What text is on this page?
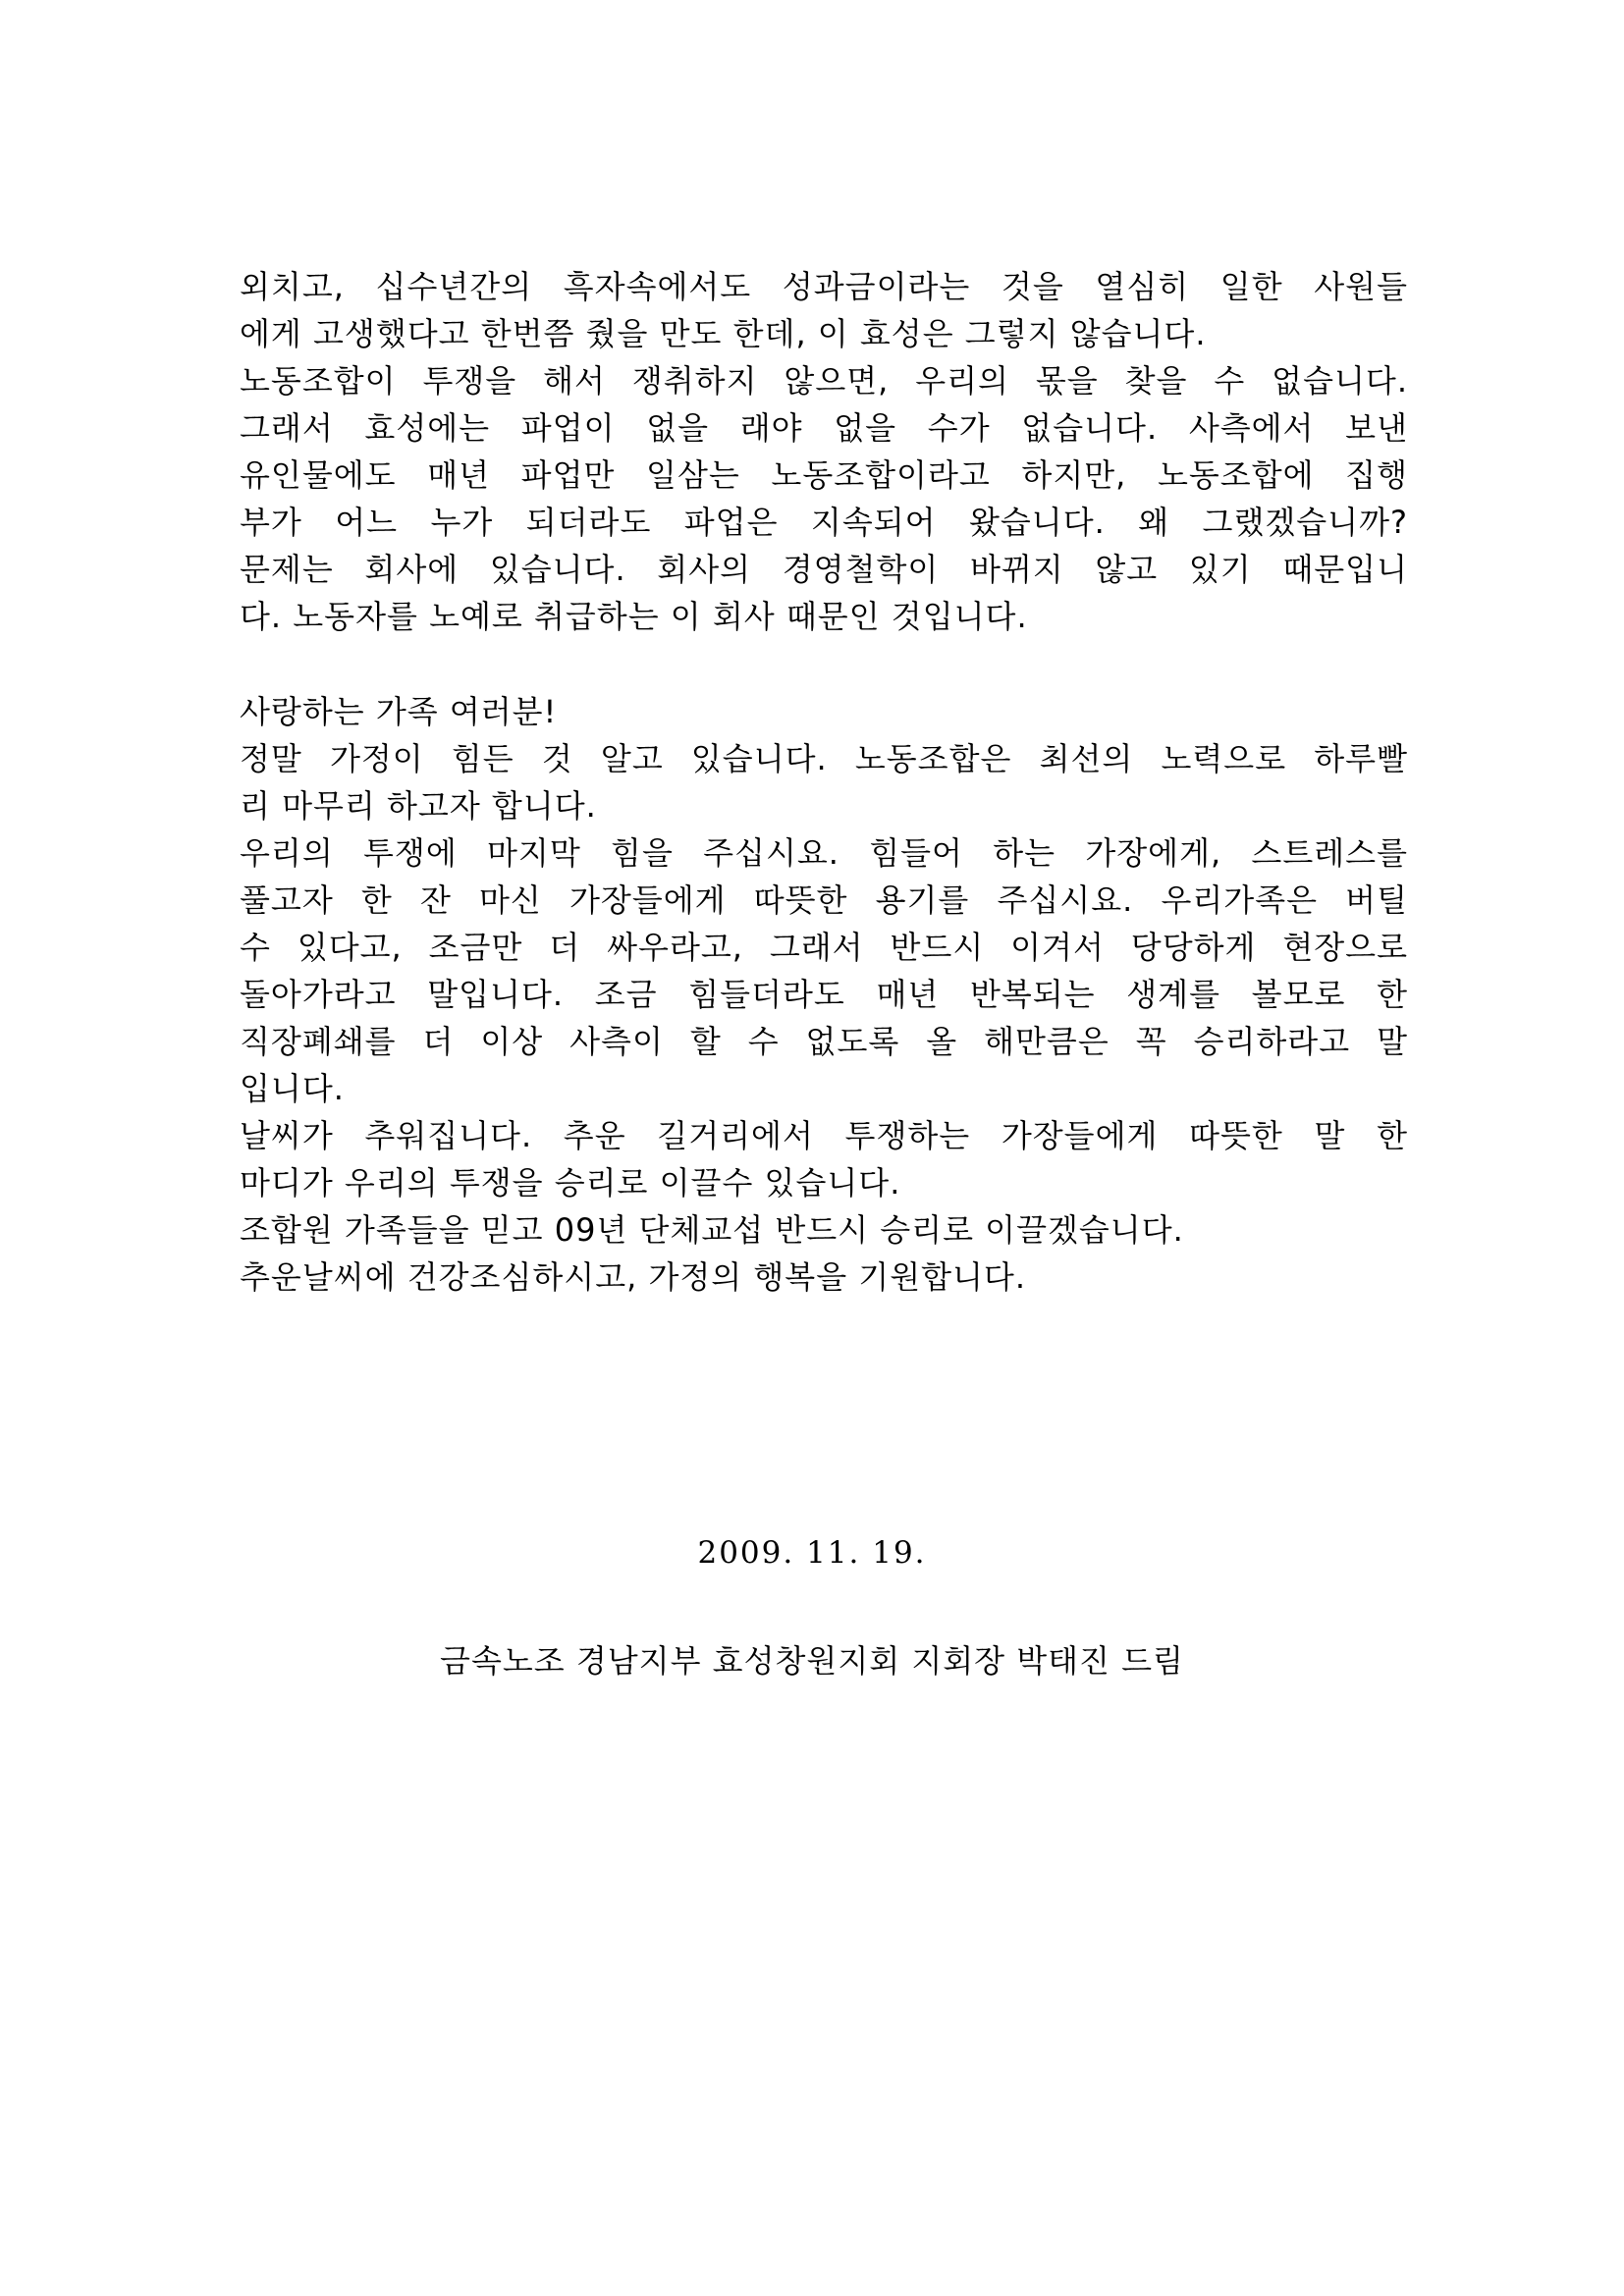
외치고, 십수년간의 흑자속에서도 성과금이라는 것을 열심히 일한 사원들
에게 고생했다고 한번쯤 줬을 만도 한데, 이 효성은 그렇지 않습니다.
노동조합이 투쟁을 해서 쟁취하지 않으면, 우리의 몫을 찾을 수 없습니다.
그래서 효성에는 파업이 없을 래야 없을 수가 없습니다. 사측에서 보낸
유인물에도 매년 파업만 일삼는 노동조합이라고 하지만, 노동조합에 집행
부가 어느 누가 되더라도 파업은 지속되어 왔습니다. 왜 그랬겠습니까?
문제는 회사에 있습니다. 회사의 경영철학이 바뀌지 않고 있기 때문입니
다. 노동자를 노예로 취급하는 이 회사 때문인 것입니다.
사랑하는 가족 여러분!
정말 가정이 힘든 것 알고 있습니다. 노동조합은 최선의 노력으로 하루빨
리 마무리 하고자 합니다.
우리의 투쟁에 마지막 힘을 주십시요. 힘들어 하는 가장에게, 스트레스를
풀고자 한 잔 마신 가장들에게 따뜻한 용기를 주십시요. 우리가족은 버틸
수 있다고, 조금만 더 싸우라고, 그래서 반드시 이겨서 당당하게 현장으로
돌아가라고 말입니다. 조금 힘들더라도 매년 반복되는 생계를 볼모로 한
직장폐쇄를 더 이상 사측이 할 수 없도록 올 해만큼은 꼭 승리하라고 말
입니다.
날씨가 추워집니다. 추운 길거리에서 투쟁하는 가장들에게 따뜻한 말 한
마디가 우리의 투쟁을 승리로 이끌수 있습니다.
조합원 가족들을 믿고 09년 단체교섭 반드시 승리로 이끌겠습니다.
추운날씨에 건강조심하시고, 가정의 행복을 기원합니다.
2009. 11. 19.
금속노조 경남지부 효성창원지회 지회장 박태진 드림
